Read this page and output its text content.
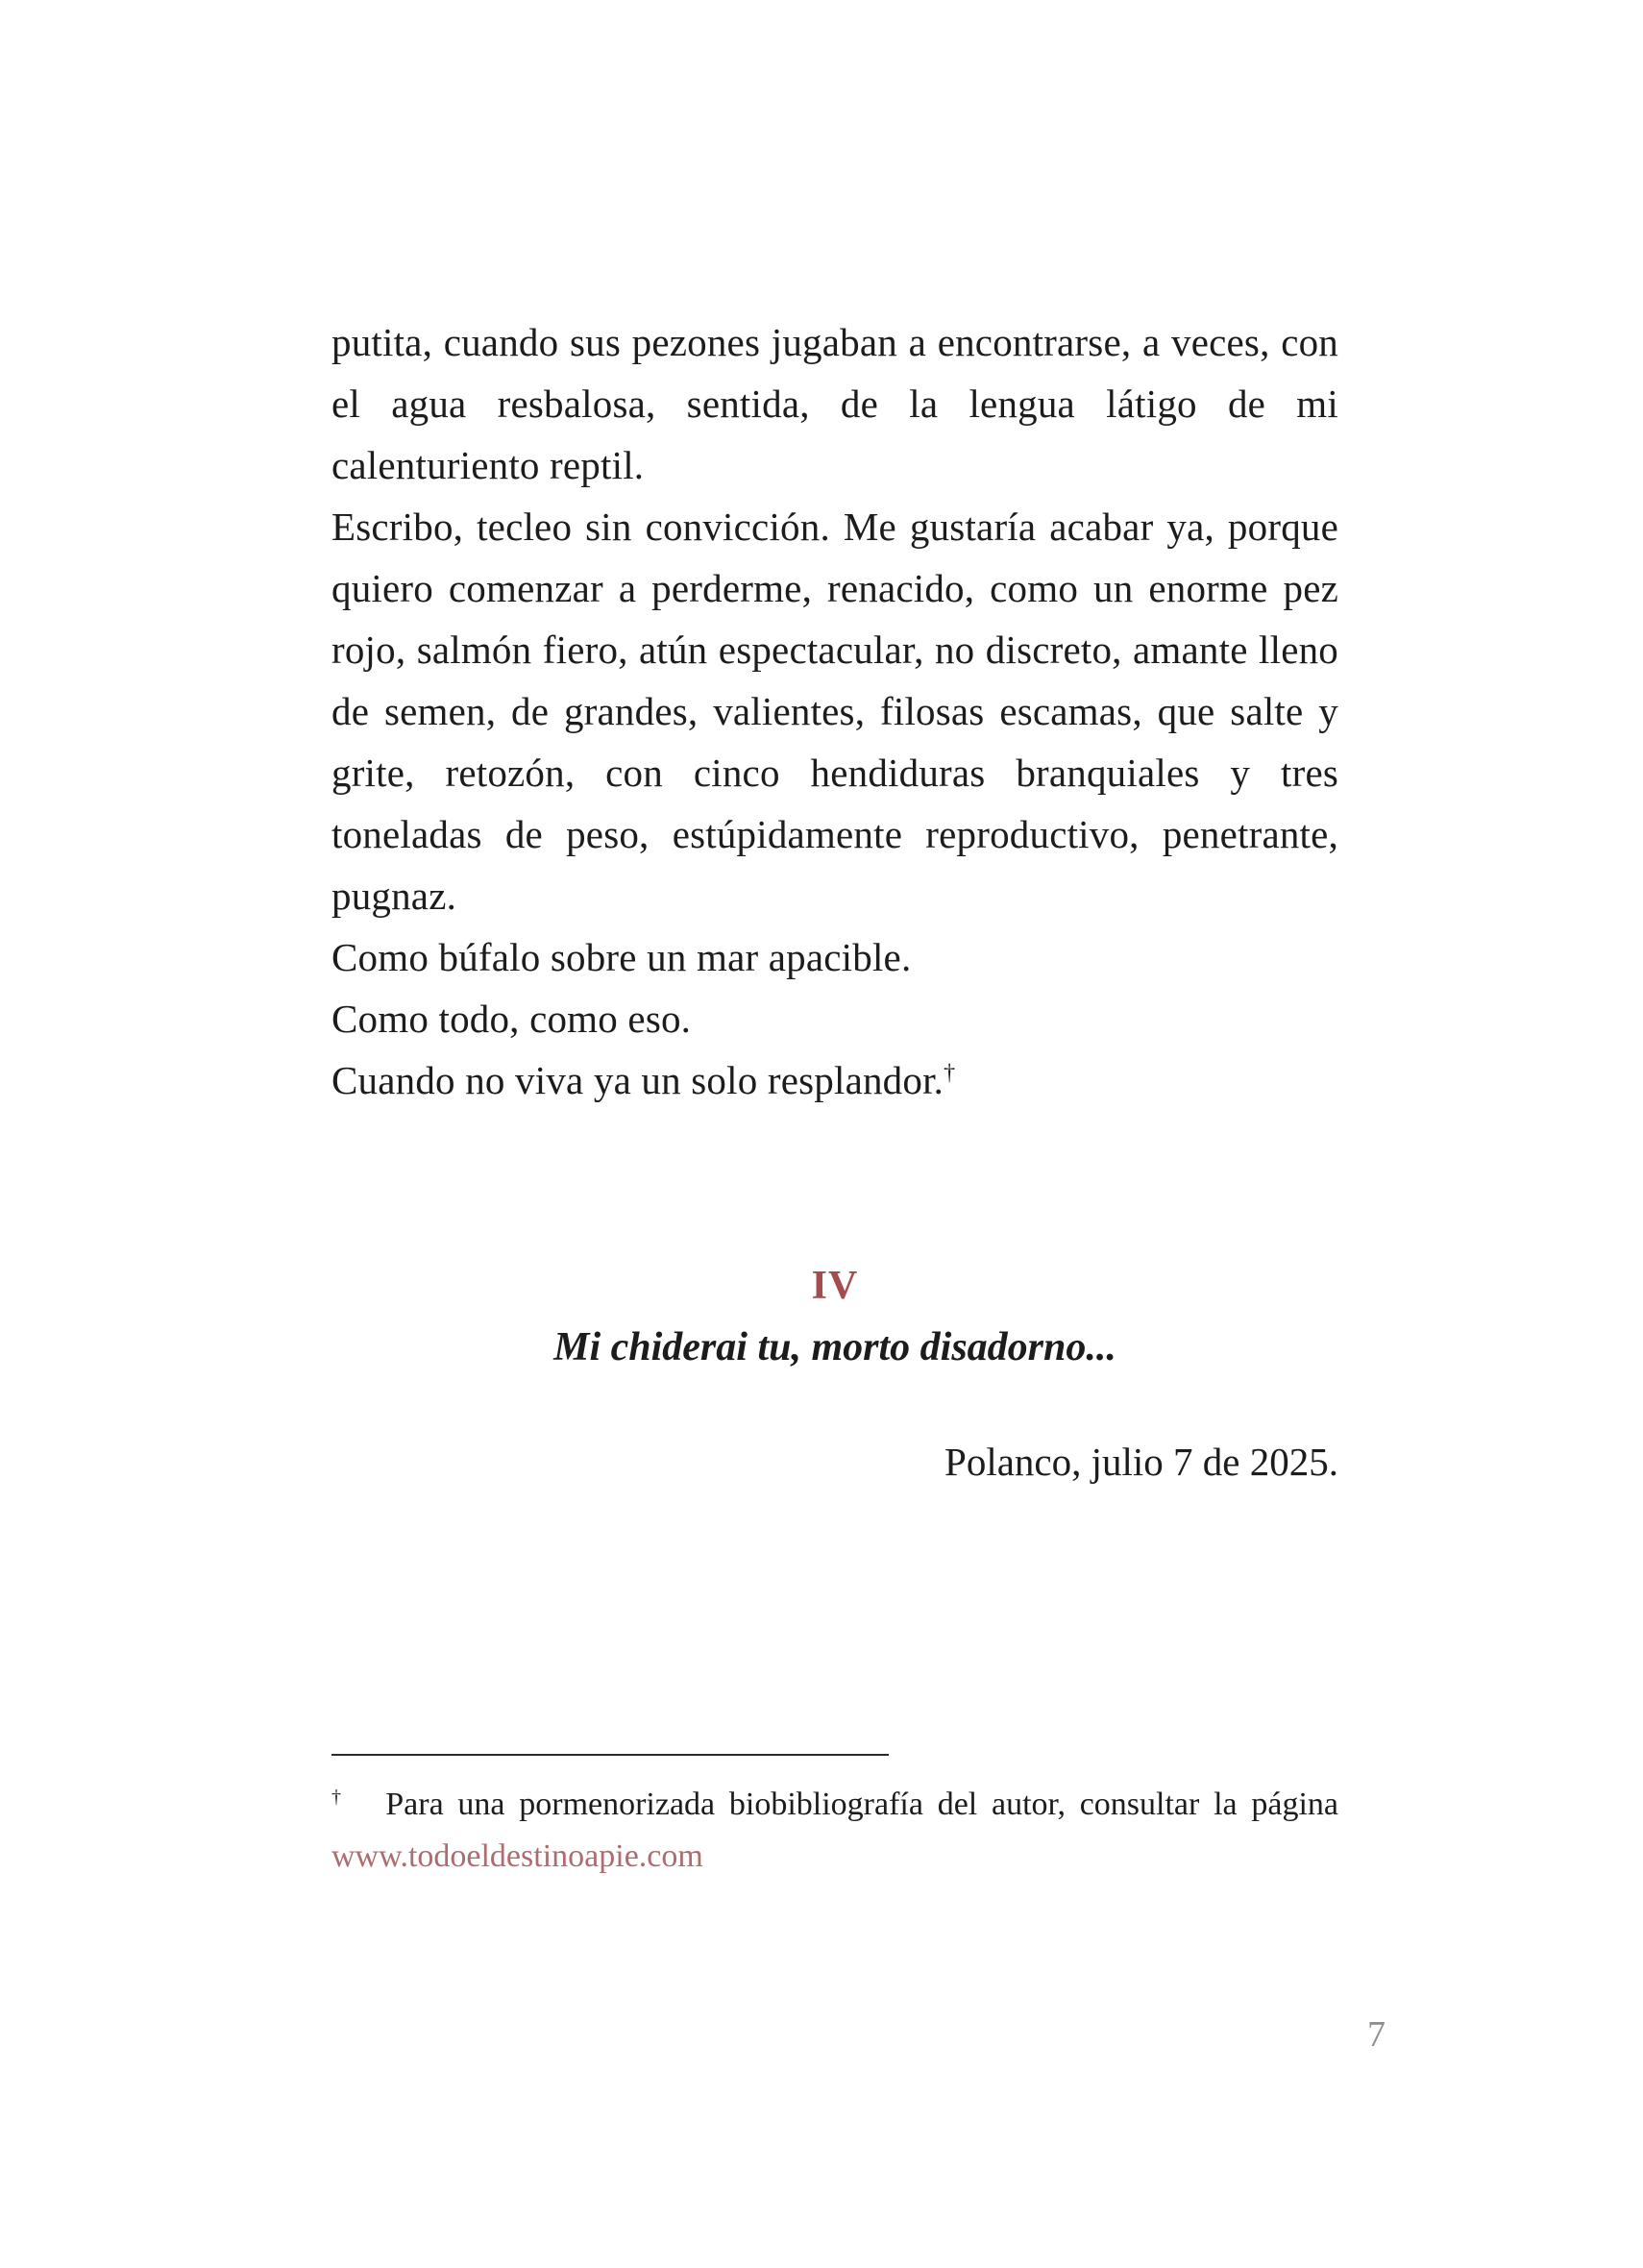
putita, cuando sus pezones jugaban a encontrarse, a veces, con el agua resbalosa, sentida, de la lengua látigo de mi calenturiento reptil.

Escribo, tecleo sin convicción. Me gustaría acabar ya, porque quiero comenzar a perderme, renacido, como un enorme pez rojo, salmón fiero, atún espectacular, no discreto, amante lleno de semen, de grandes, valientes, filosas escamas, que salte y grite, retozón, con cinco hendiduras branquiales y tres toneladas de peso, estúpidamente reproductivo, penetrante, pugnaz.

Como búfalo sobre un mar apacible.

Como todo, como eso.

Cuando no viva ya un solo resplandor.†

IV
Mi chiderai tu, morto disadorno...
Polanco, julio 7 de 2025.

† Para una pormenorizada biobibliografía del autor, consultar la página www.todoeldestinoapie.com

7
